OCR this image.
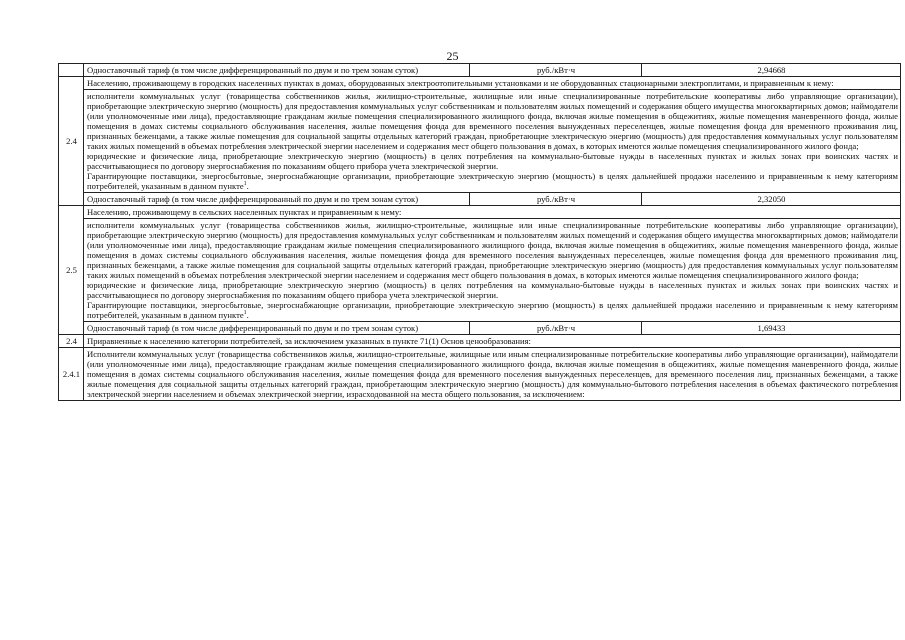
25
	Одноставочный тариф (в том числе дифференцированный по двум и по трем зонам суток)	руб./кВт·ч	2,94668
2.4	Населению, проживающему в городских населенных пунктах в домах, оборудованных электроотопительными установками и не оборудованных стационарными электроплитами, и приравненным к нему:		

	исполнители коммунальных услуг (товарищества собственников жилья, жилищно-строительные, жилищные или иные специализированные потребительские кооперативы либо управляющие организации), приобретающие электрическую энергию (мощность) для предоставления коммунальных услуг собственникам и пользователям жилых помещений и содержания общего имущества многоквартирных домов; наймодатели (или уполномоченные ими лица), предоставляющие гражданам жилые помещения специализированного жилищного фонда, включая жилые помещения в общежитиях, жилые помещения маневренного фонда, жилые помещения в домах системы социального обслуживания населения, жилые помещения фонда для временного поселения вынужденных переселенцев, жилые помещения фонда для временного проживания лиц, признанных беженцами, а также жилые помещения для социальной защиты отдельных категорий граждан, приобретающие электрическую энергию (мощность) для предоставления коммунальных услуг пользователям таких жилых помещений в объемах потребления электрической энергии населением и содержания мест общего пользования в домах, в которых имеются жилые помещения специализированного жилого фонда;

юридические и физические лица, приобретающие электрическую энергию (мощность) в целях потребления на коммунально-бытовые нужды в населенных пунктах и жилых зонах при воинских частях и рассчитывающиеся по договору энергоснабжения по показаниям общего прибора учета электрической энергии.

Гарантирующие поставщики, энергосбытовые, энергоснабжающие организации, приобретающие электрическую энергию (мощность) в целях дальнейшей продажи населению и приравненным к нему категориям потребителей, указанным в данном пункте$^1$.		

	Одноставочный тариф (в том числе дифференцированный по двум и по трем зонам суток)	руб./кВт·ч	2,32050
2.5	Населению, проживающему в сельских населенных пунктах и приравненным к нему:		

	исполнители коммунальных услуг (товарищества собственников жилья, жилищно-строительные, жилищные или иные специализированные потребительские кооперативы либо управляющие организации), приобретающие электрическую энергию (мощность) для предоставления коммунальных услуг собственникам и пользователям жилых помещений и содержания общего имущества многоквартирных домов; наймодатели (или уполномоченные ими лица), предоставляющие гражданам жилые помещения специализированного жилищного фонда, включая жилые помещения в общежитиях, жилые помещения маневренного фонда, жилые помещения в домах системы социального обслуживания населения, жилые помещения фонда для временного поселения вынужденных переселенцев, жилые помещения фонда для временного проживания лиц, признанных беженцами, а также жилые помещения для социальной защиты отдельных категорий граждан, приобретающие электрическую энергию (мощность) для предоставления коммунальных услуг пользователям таких жилых помещений в объемах потребления электрической энергии населением и содержания мест общего пользования в домах, в которых имеются жилые помещения специализированного жилого фонда;

юридические и физические лица, приобретающие электрическую энергию (мощность) в целях потребления на коммунально-бытовые нужды в населенных пунктах и жилых зонах при воинских частях и рассчитывающиеся по договору энергоснабжения по показаниям общего прибора учета электрической энергии.

Гарантирующие поставщики, энергосбытовые, энергоснабжающие организации, приобретающие электрическую энергию (мощность) в целях дальнейшей продажи населению и приравненным к нему категориям потребителей, указанным в данном пункте$^1$.		

	Одноставочный тариф (в том числе дифференцированный по двум и по трем зонам суток)	руб./кВт·ч	1,69433
2.4	Приравненные к населению категории потребителей, за исключением указанных в пункте 71(1) Основ ценообразования:		
2.4.1	Исполнители коммунальных услуг (товарищества собственников жилья, жилищно-строительные, жилищные или иным специализированные потребительские кооперативы либо управляющие организации), наймодатели (или уполномоченные ими лица), предоставляющие гражданам жилые помещения специализированного жилищного фонда, включая жилые помещения в общежитиях, жилые помещения маневренного фонда, жилые помещения в домах системы социального обслуживания населения, жилые помещения фонда для временного поселения вынужденных переселенцев, для временного поселения лиц, признанных беженцами, а также жилые помещения для социальной защиты отдельных категорий граждан, приобретающим электрическую энергию (мощность) для коммунально-бытового потребления населения в объемах фактического потребления электрической энергии населением и объемах электрической энергии, израсходованной на места общего пользования, за исключением:		
